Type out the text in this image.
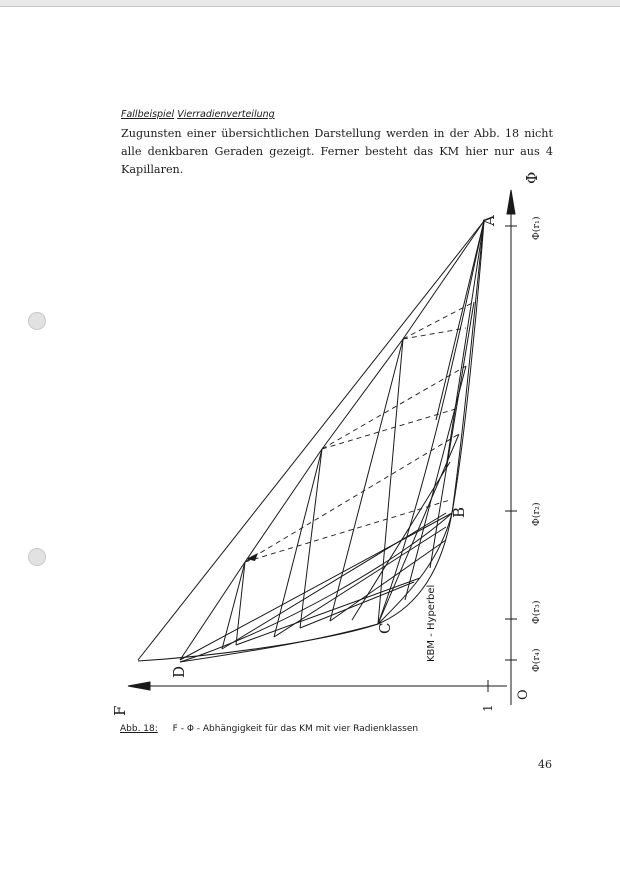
Fallbeispiel Vierradienverteilung
Zugunsten einer übersichtlichen Darstellung werden in der Abb. 18 nicht
alle denkbaren Geraden gezeigt. Ferner besteht das KM hier nur aus 4
Kapillaren.
A
B
C
D
KBM - Hyperbel
Φ
F
O
1
Φ(r₁)
Φ(r₂)
Φ(r₃)
Φ(r₄)
Abb. 18: F - Φ - Abhängigkeit für das KM mit vier Radienklassen
46
